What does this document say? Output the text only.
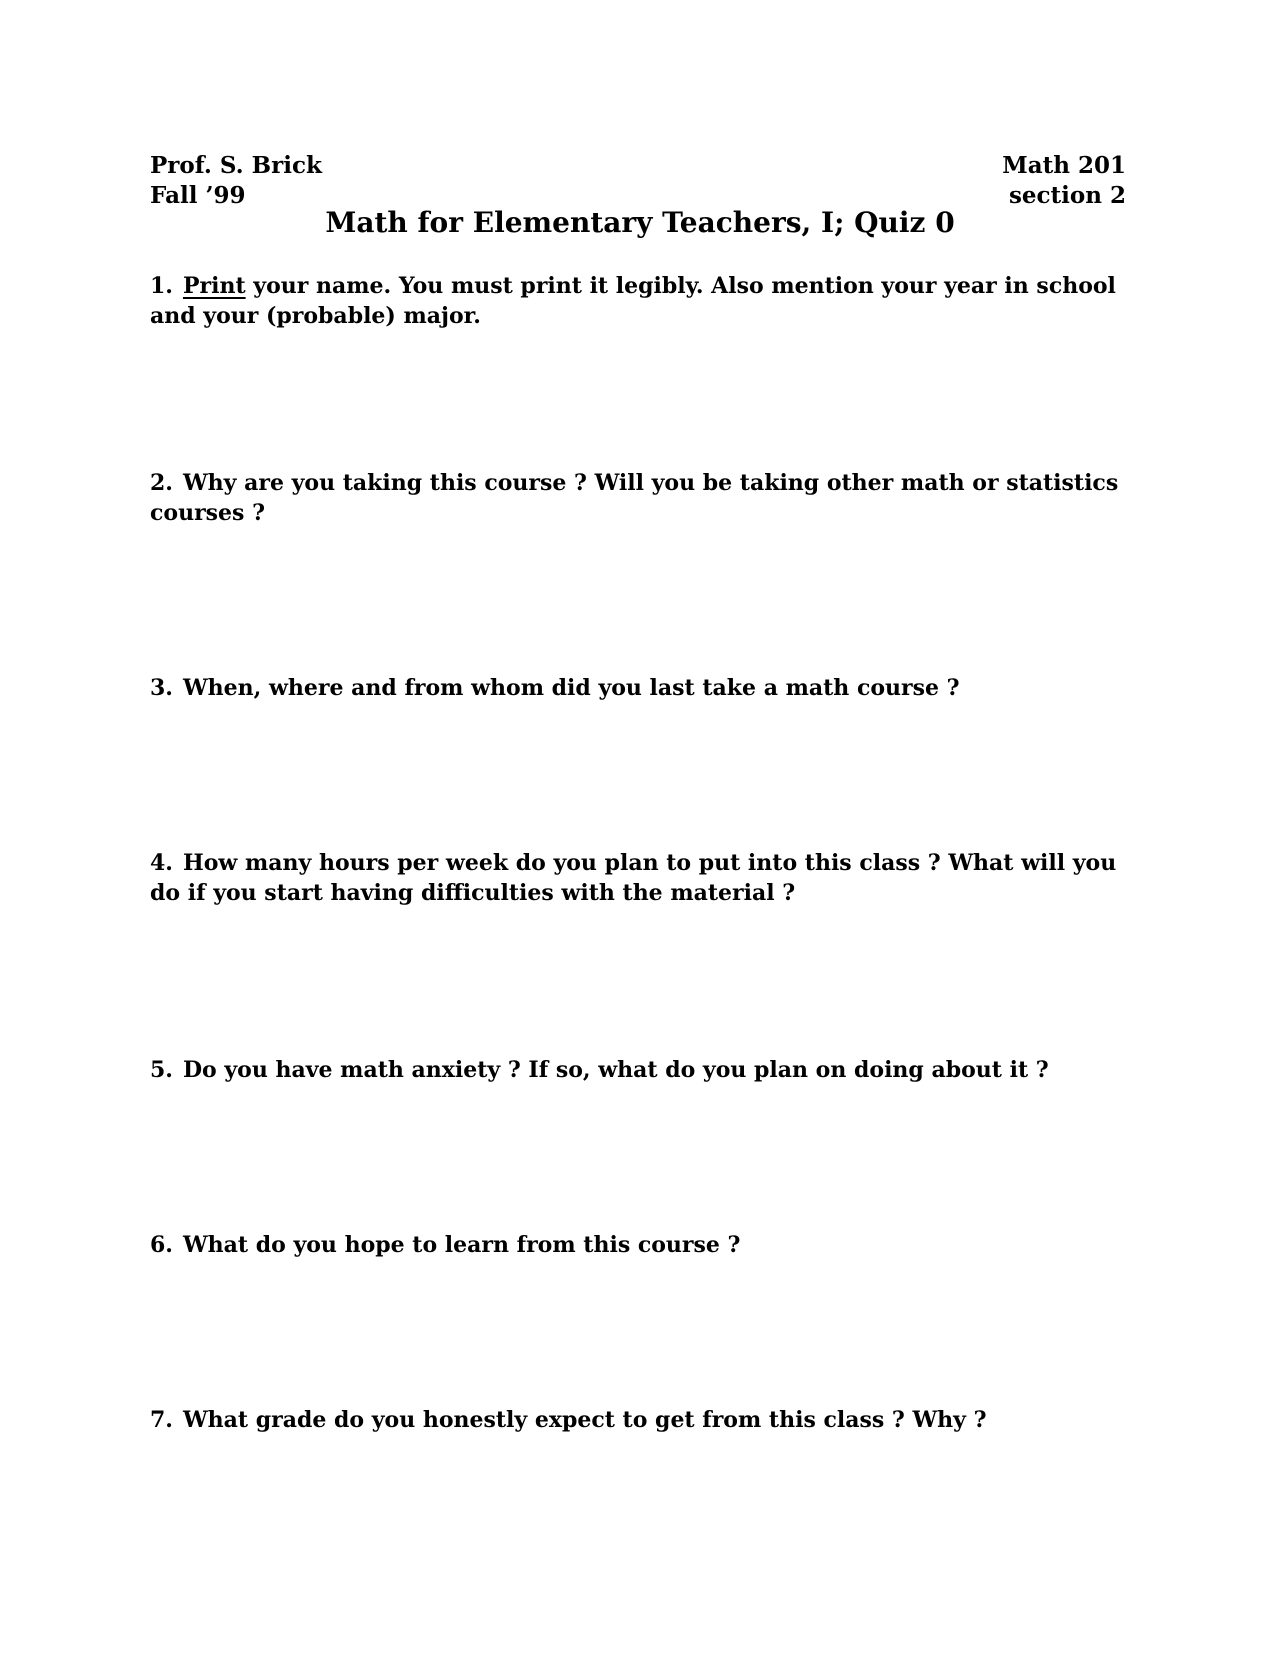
Prof. S. Brick
Fall ’99
Math 201
section 2
Math for Elementary Teachers, I; Quiz 0
1. Print your name. You must print it legibly. Also mention your year in school and your (probable) major.
2. Why are you taking this course ? Will you be taking other math or statistics courses ?
3. When, where and from whom did you last take a math course ?
4. How many hours per week do you plan to put into this class ? What will you do if you start having difficulties with the material ?
5. Do you have math anxiety ? If so, what do you plan on doing about it ?
6. What do you hope to learn from this course ?
7. What grade do you honestly expect to get from this class ? Why ?
